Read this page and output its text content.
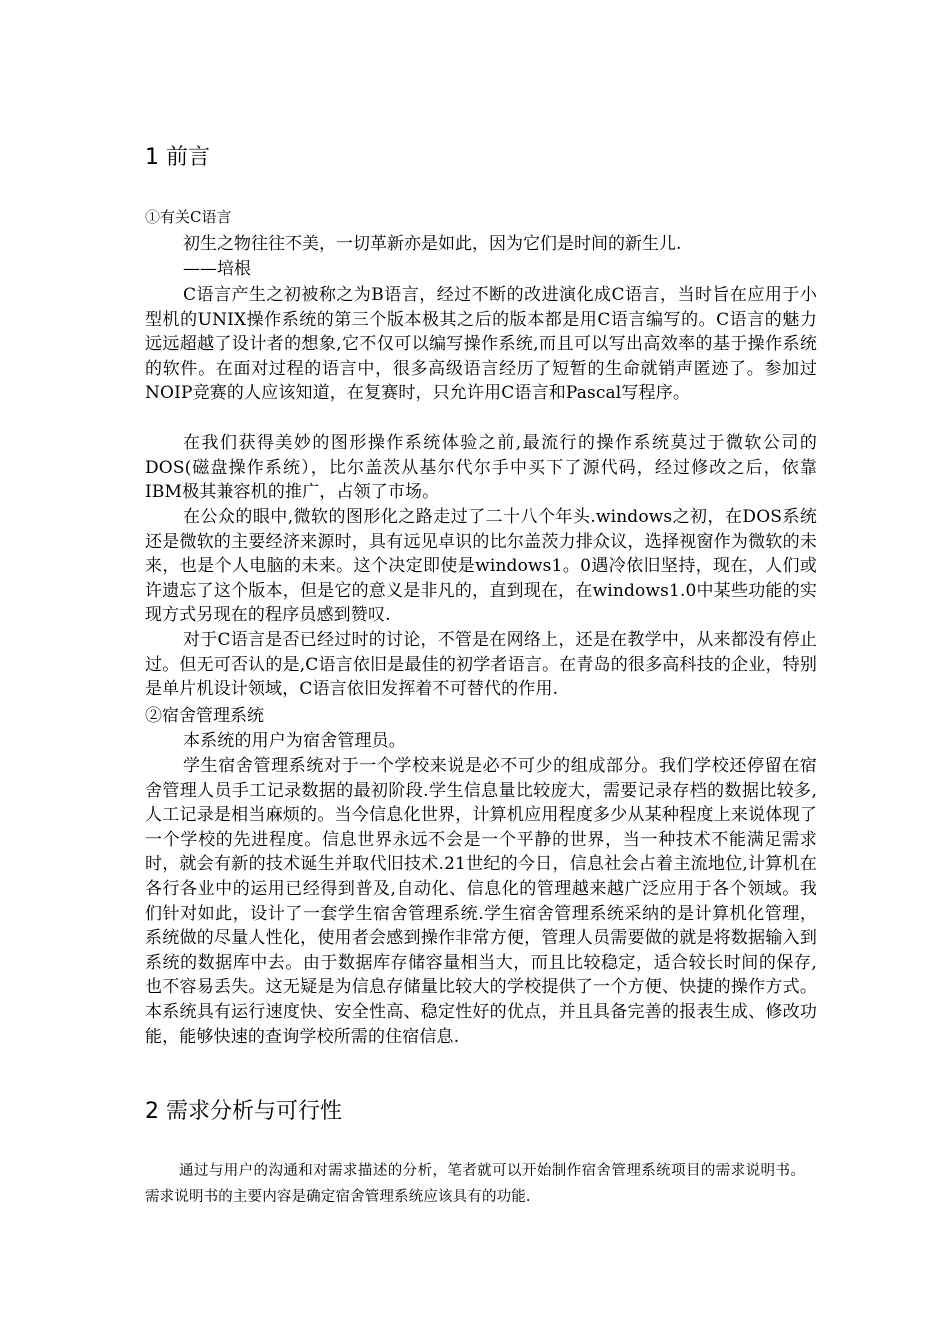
1 前言
①有关C语言
初生之物往往不美，一切革新亦是如此，因为它们是时间的新生儿.
——培根
C语言产生之初被称之为B语言，经过不断的改进演化成C语言，当时旨在应用于小型机的UNIX操作系统的第三个版本极其之后的版本都是用C语言编写的。C语言的魅力远远超越了设计者的想象,它不仅可以编写操作系统,而且可以写出高效率的基于操作系统的软件。在面对过程的语言中，很多高级语言经历了短暂的生命就销声匿迹了。参加过NOIP竞赛的人应该知道，在复赛时，只允许用C语言和Pascal写程序。
在我们获得美妙的图形操作系统体验之前,最流行的操作系统莫过于微软公司的DOS(磁盘操作系统），比尔盖茨从基尔代尔手中买下了源代码，经过修改之后，依靠IBM极其兼容机的推广，占领了市场。
在公众的眼中,微软的图形化之路走过了二十八个年头.windows之初，在DOS系统还是微软的主要经济来源时，具有远见卓识的比尔盖茨力排众议，选择视窗作为微软的未来，也是个人电脑的未来。这个决定即使是windows1。0遇冷依旧坚持，现在，人们或许遗忘了这个版本，但是它的意义是非凡的，直到现在，在windows1.0中某些功能的实现方式另现在的程序员感到赞叹.
对于C语言是否已经过时的讨论，不管是在网络上，还是在教学中，从来都没有停止过。但无可否认的是,C语言依旧是最佳的初学者语言。在青岛的很多高科技的企业，特别是单片机设计领域，C语言依旧发挥着不可替代的作用.
②宿舍管理系统
本系统的用户为宿舍管理员。
学生宿舍管理系统对于一个学校来说是必不可少的组成部分。我们学校还停留在宿舍管理人员手工记录数据的最初阶段.学生信息量比较庞大，需要记录存档的数据比较多,人工记录是相当麻烦的。当今信息化世界，计算机应用程度多少从某种程度上来说体现了一个学校的先进程度。信息世界永远不会是一个平静的世界，当一种技术不能满足需求时，就会有新的技术诞生并取代旧技术.21世纪的今日，信息社会占着主流地位,计算机在各行各业中的运用已经得到普及,自动化、信息化的管理越来越广泛应用于各个领域。我们针对如此，设计了一套学生宿舍管理系统.学生宿舍管理系统采纳的是计算机化管理，系统做的尽量人性化，使用者会感到操作非常方便，管理人员需要做的就是将数据输入到系统的数据库中去。由于数据库存储容量相当大，而且比较稳定，适合较长时间的保存,也不容易丢失。这无疑是为信息存储量比较大的学校提供了一个方便、快捷的操作方式。本系统具有运行速度快、安全性高、稳定性好的优点，并且具备完善的报表生成、修改功能，能够快速的查询学校所需的住宿信息.
2 需求分析与可行性
通过与用户的沟通和对需求描述的分析，笔者就可以开始制作宿舍管理系统项目的需求说明书。需求说明书的主要内容是确定宿舍管理系统应该具有的功能.
